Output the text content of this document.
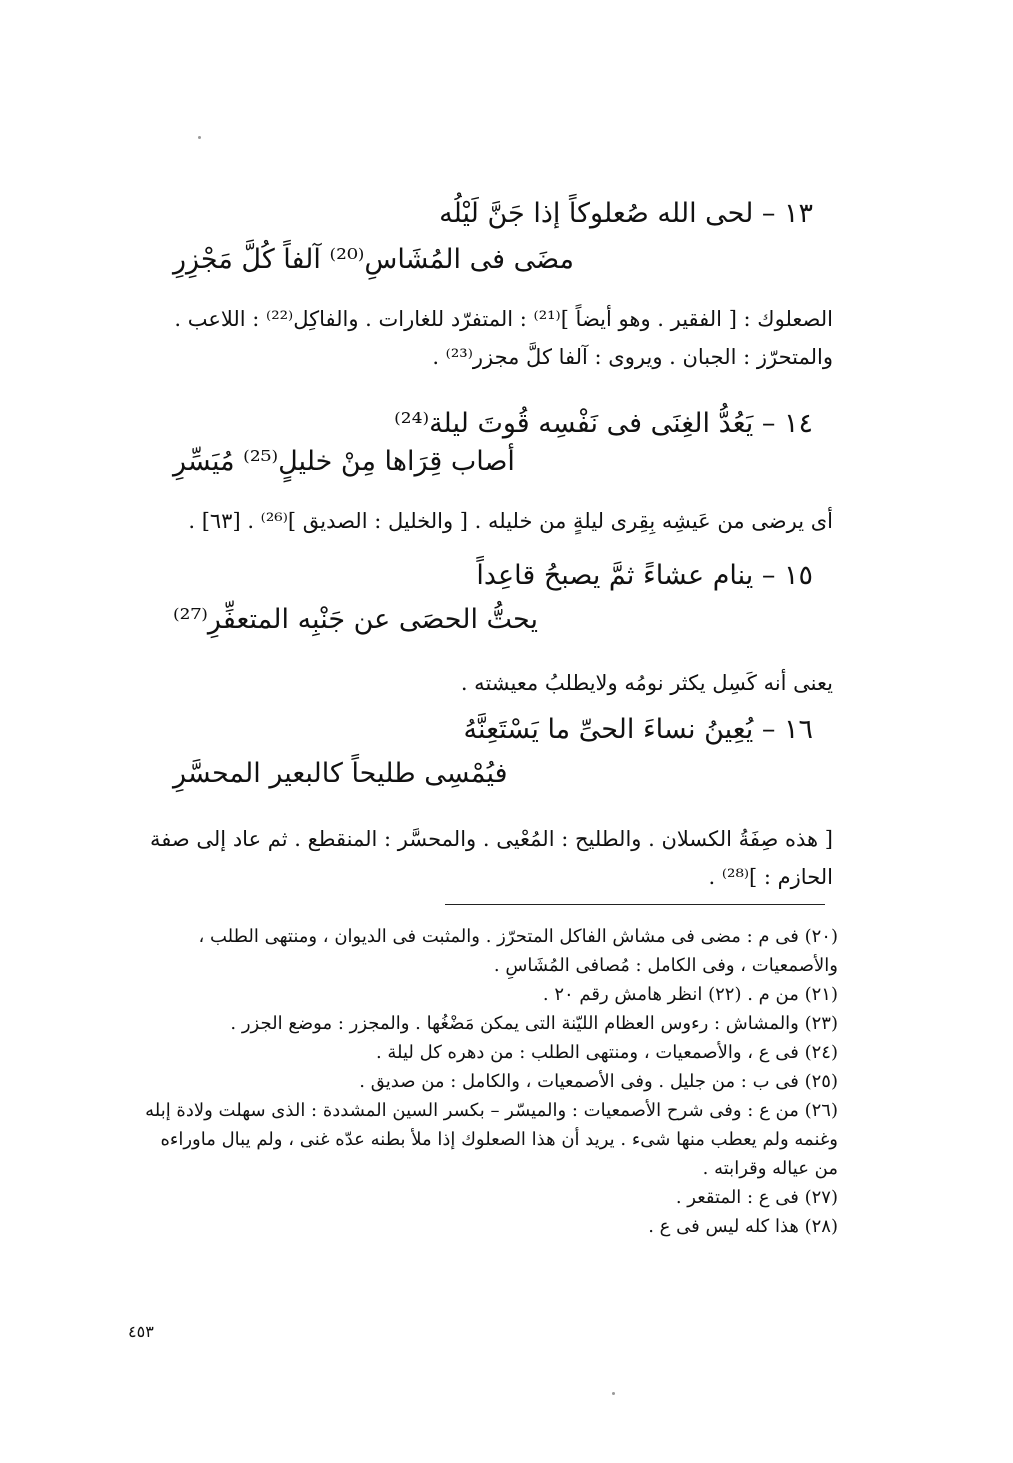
١٣ – لحى الله صُعلوكاً إذا جَنَّ لَيْلُه
مضَى فى المُشَاسِ⁽²⁰⁾ آلفاً كُلَّ مَجْزِرِ
الصعلوك : [ الفقير . وهو أيضاً ]⁽²¹⁾ : المتفرّد للغارات . والفاكِل⁽²²⁾ : اللاعب . والمتحرّز : الجبان . ويروى : آلفا كلَّ مجزر⁽²³⁾ .
١٤ – يَعُدُّ الغِنَى فى نَفْسِه قُوتَ ليلة⁽²⁴⁾
أصاب قِرَاها مِنْ خليلٍ⁽²⁵⁾ مُيَسِّرِ
أى يرضى من عَيشِه بِقِرى ليلةٍ من خليله . [ والخليل : الصديق ]⁽²⁶⁾ . [٦٣] .
١٥ – ينام عشاءً ثمَّ يصبحُ قاعِداً
يحتُّ الحصَى عن جَنْبِه المتعفِّرِ⁽²⁷⁾
يعنى أنه كَسِل يكثر نومُه ولايطلبُ معيشته .
١٦ – يُعِينُ نساءَ الحىِّ ما يَسْتَعِنَّهُ
فيُمْسِى طليحاً كالبعير المحسَّرِ
[ هذه صِفَةُ الكسلان . والطليح : المُعْيى . والمحسَّر : المنقطع . ثم عاد إلى صفة الحازم : ]⁽²⁸⁾ .
(٢٠) فى م : مضى فى مشاش الفاكل المتحرّز . والمثبت فى الديوان ، ومنتهى الطلب ، والأصمعيات ، وفى الكامل : مُصافى المُشَاسِ .
(٢١) من م . (٢٢) انظر هامش رقم ٢٠ .
(٢٣) والمشاش : رءوس العظام الليّنة التى يمكن مَضْغُها . والمجزر : موضع الجزر .
(٢٤) فى ع ، والأصمعيات ، ومنتهى الطلب : من دهره كل ليلة .
(٢٥) فى ب : من جليل . وفى الأصمعيات ، والكامل : من صديق .
(٢٦) من ع : وفى شرح الأصمعيات : والميسّر – بكسر السين المشددة : الذى سهلت ولادة إبله وغنمه ولم يعطب منها شىء . يريد أن هذا الصعلوك إذا ملأ بطنه عدّه غنى ، ولم يبال ماوراءه من عياله وقرابته .
(٢٧) فى ع : المتقعر .
(٢٨) هذا كله ليس فى ع .
٤٥٣
